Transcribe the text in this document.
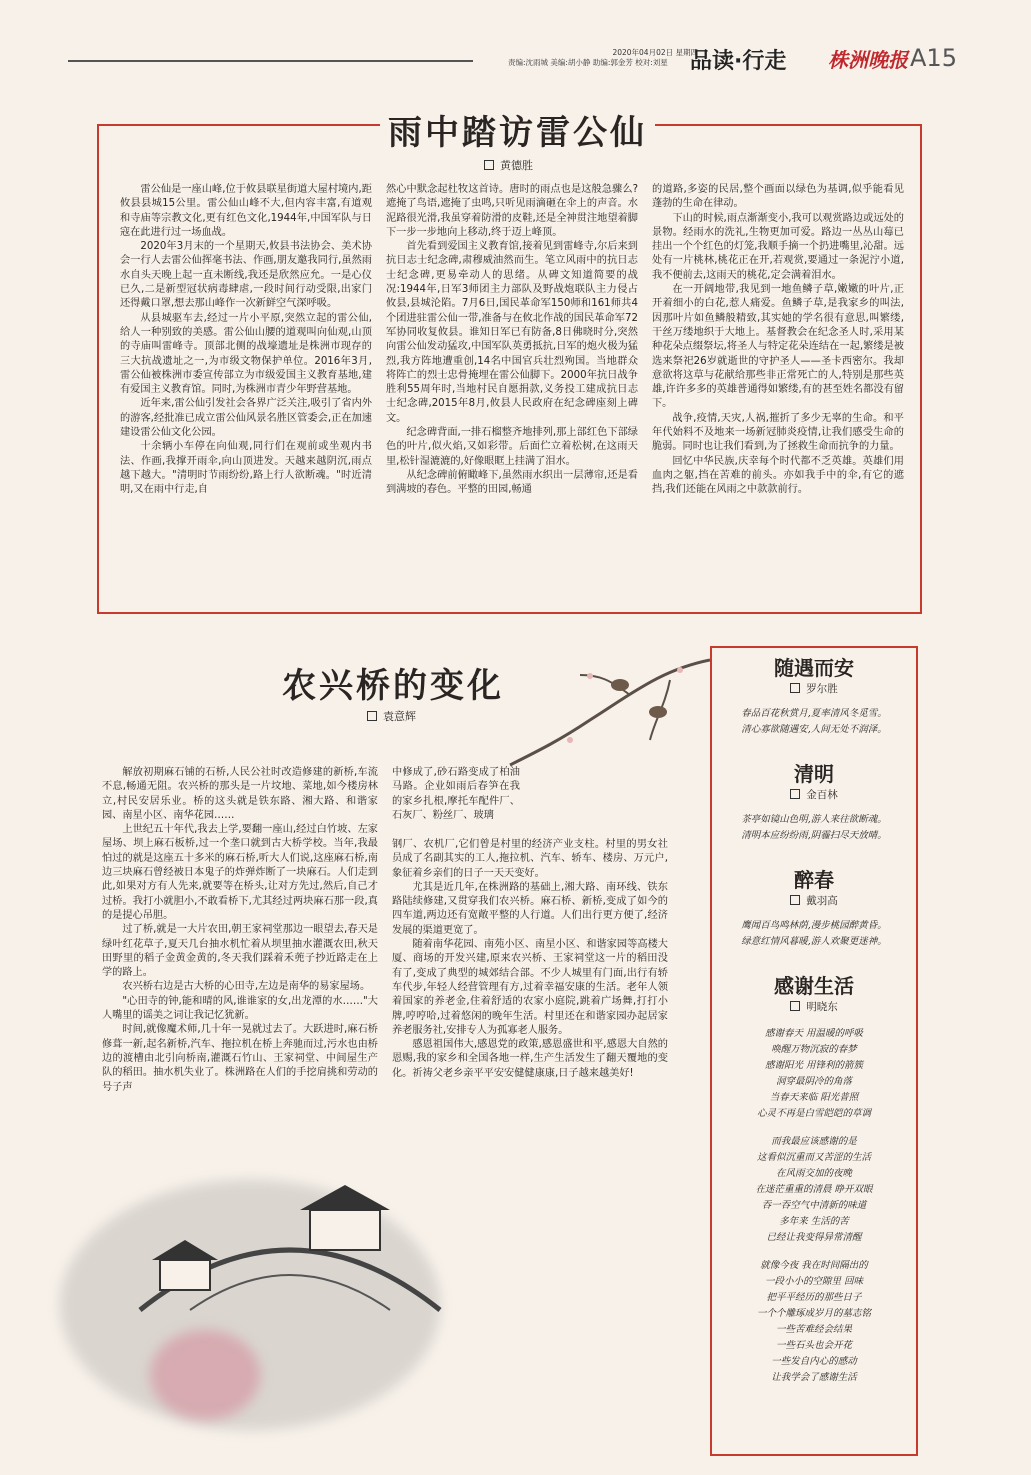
2020年04月02日 星期四
责编:沈雨城 美编:胡小静 助编:郭金芳 校对:刘星	品读·行走 株洲晚报 A15
雨中踏访雷公仙
黄德胜

雷公仙是一座山峰,位于攸县联星街道大屋村境内,距攸县县城15公里。雷公仙山峰不大,但内容丰富,有道观和寺庙等宗教文化,更有红色文化,1944年,中国军队与日寇在此进行过一场血战。

2020年3月末的一个星期天,攸县书法协会、美术协会一行人去雷公仙挥毫书法、作画,朋友邀我同行,虽然雨水自头天晚上起一直未断线,我还是欣然应允。一是心仪已久,二是新型冠状病毒肆虐,一段时间行动受限,出家门还得戴口罩,想去那山峰作一次新鲜空气深呼吸。

从县城驱车去,经过一片小平原,突然立起的雷公仙,给人一种别致的美感。雷公仙山腰的道观叫向仙观,山顶的寺庙叫雷峰寺。顶部北侧的战壕遗址是株洲市现存的三大抗战遗址之一,为市级文物保护单位。2016年3月,雷公仙被株洲市委宣传部立为市级爱国主义教育基地,建有爱国主义教育馆。同时,为株洲市青少年野营基地。

近年来,雷公仙引发社会各界广泛关注,吸引了省内外的游客,经批准已成立雷公仙风景名胜区管委会,正在加速建设雷公仙文化公园。

十余辆小车停在向仙观,同行们在观前或坐观内书法、作画,我撑开雨伞,向山顶进发。天越来越阴沉,雨点越下越大。"清明时节雨纷纷,路上行人欲断魂。"时近清明,又在雨中行走,自

然心中默念起杜牧这首诗。唐时的雨点也是这般急骤么?遮掩了鸟语,遮掩了虫鸣,只听见雨滴砸在伞上的声音。水泥路很光滑,我虽穿着防滑的皮鞋,还是全神贯注地望着脚下一步一步地向上移动,终于迈上峰顶。

首先看到爱国主义教育馆,接着见到雷峰寺,尔后来到抗日志士纪念碑,肃穆威油然而生。笔立风雨中的抗日志士纪念碑,更易牵动人的思绪。从碑文知道简要的战况:1944年,日军3师团主力部队及野战炮联队主力侵占攸县,县城沦陷。7月6日,国民革命军150师和161师共4个团进驻雷公仙一带,准备与在攸北作战的国民革命军72军协同收复攸县。谁知日军已有防备,8日佛晓时分,突然向雷公仙发动猛攻,中国军队英勇抵抗,日军的炮火极为猛烈,我方阵地遭重创,14名中国官兵壮烈殉国。当地群众将阵亡的烈士忠骨掩埋在雷公仙脚下。2000年抗日战争胜利55周年时,当地村民自愿捐款,义务投工建成抗日志士纪念碑,2015年8月,攸县人民政府在纪念碑座刻上碑文。

纪念碑背面,一排石榴整齐地排列,那上部红色下部绿色的叶片,似火焰,又如彩带。后面伫立着松树,在这雨天里,松针湿漉漉的,好像眼眶上挂满了泪水。

从纪念碑前俯瞰峰下,虽然雨水织出一层薄帘,还是看到满坡的春色。平整的田园,畅通

的道路,多姿的民居,整个画面以绿色为基调,似乎能看见蓬勃的生命在律动。

下山的时候,雨点渐渐变小,我可以观赏路边或远处的景物。经雨水的洗礼,生物更加可爱。路边一丛丛山莓已挂出一个个红色的灯笼,我顺手摘一个扔进嘴里,沁甜。远处有一片桃林,桃花正在开,若观赏,要通过一条泥泞小道,我不便前去,这雨天的桃花,定会满着泪水。

在一开阔地带,我见到一地鱼鳞子草,嫩嫩的叶片,正开着细小的白花,惹人痛爱。鱼鳞子草,是我家乡的叫法,因那叶片如鱼鳞般精致,其实她的学名很有意思,叫繁缕,干丝万缕地织于大地上。基督教会在纪念圣人时,采用某种花朵点缀祭坛,将圣人与特定花朵连结在一起,繁缕是被选来祭祀26岁就逝世的守护圣人——圣卡西密尔。我却意欲将这草与花献给那些非正常死亡的人,特别是那些英雄,许许多多的英雄普通得如繁缕,有的甚至姓名都没有留下。

战争,疫情,天灾,人祸,摧折了多少无辜的生命。和平年代始料不及地来一场新冠肺炎疫情,让我们感受生命的脆弱。同时也让我们看到,为了拯救生命而抗争的力量。

回忆中华民族,庆幸每个时代都不乏英雄。英雄们用血肉之躯,挡在苦难的前头。亦如我手中的伞,有它的遮挡,我们还能在风雨之中款款前行。

农兴桥的变化
袁意辉

解放初期麻石铺的石桥,人民公社时改造修建的新桥,车流不息,畅通无阻。农兴桥的那头是一片坟地、菜地,如今楼房林立,村民安居乐业。桥的这头就是铁东路、湘大路、和谐家园、南星小区、南华花园……

上世纪五十年代,我去上学,要翻一座山,经过白竹坡、左家屋场、坝上麻石板桥,过一个垄口就到古大桥学校。当年,我最怕过的就是这座五十多米的麻石桥,听大人们说,这座麻石桥,南边三块麻石曾经被日本鬼子的炸弹炸断了一块麻石。人们走到此,如果对方有人先来,就要等在桥头,让对方先过,然后,自己才过桥。我打小就胆小,不敢看桥下,尤其经过两块麻石那一段,真的是提心吊胆。

过了桥,就是一大片农田,朝王家祠堂那边一眼望去,春天是绿叶红花草子,夏天几台抽水机忙着从坝里抽水灌溉农田,秋天田野里的稻子金黄金黄的,冬天我们踩着禾蔸子抄近路走在上学的路上。

农兴桥右边是古大桥的心田寺,左边是南华的易家屋场。

"心田寺的钟,能和晴的风,谁谁家的女,出龙潭的水……"大人嘴里的谣美之词让我记忆犹新。

时间,就像魔术师,几十年一晃就过去了。大跃进时,麻石桥修葺一新,起名新桥,汽车、拖拉机在桥上奔驰而过,污水也由桥边的渡槽由北引向桥南,灌溉石竹山、王家祠堂、中间屋生产队的稻田。抽水机失业了。株洲路在人们的手挖肩挑和劳动的号子声

中修成了,砂石路变成了柏油马路。企业如雨后春笋在我的家乡扎根,摩托车配件厂、石灰厂、粉丝厂、玻璃

钢厂、农机厂,它们曾是村里的经济产业支柱。村里的男女社员成了名副其实的工人,拖拉机、汽车、轿车、楼房、万元户,象征着乡亲们的日子一天天变好。

尤其是近几年,在株洲路的基础上,湘大路、南环线、铁东路陆续修建,又贯穿我们农兴桥。麻石桥、新桥,变成了如今的四车道,两边还有宽敞平整的人行道。人们出行更方便了,经济发展的渠道更宽了。

随着南华花园、南苑小区、南星小区、和谐家园等高楼大厦、商场的开发兴建,原来农兴桥、王家祠堂这一片的稻田没有了,变成了典型的城郊结合部。不少人城里有门面,出行有轿车代步,年轻人经营管理有方,过着幸福安康的生活。老年人领着国家的养老金,住着舒适的农家小庭院,跳着广场舞,打打小牌,哼哼哈,过着悠闲的晚年生活。村里还在和谐家园办起居家养老服务社,安排专人为孤寡老人服务。

感恩祖国伟大,感恩党的政策,感恩盛世和平,感恩大自然的恩赐,我的家乡和全国各地一样,生产生活发生了翻天覆地的变化。祈祷父老乡亲平平安安健健康康,日子越来越美好!

随遇而安
罗尔胜
春品百花秋赏月,夏率清风冬觅雪。
清心寡欲随遇安,人间无处不润泽。
清明
金百林
茶亭如镜山色明,游人来往欲断魂。
清明本应纷纷雨,阴霾扫尽天放晴。
醉春
戴羽高
鹰闻百鸟鸣林荫,漫步桃园醉黄昏。
绿意红情风暮暖,游人欢聚更迷神。
感谢生活
明晓东
感谢春天 用温暖的呼吸
唤醒万物沉寂的春梦
感谢阳光 用锋利的箭簇
洞穿最阴冷的角落
当春天来临 阳光普照
心灵不再是白雪皑皑的草调
而我最应该感谢的是
这看似沉重而又苦涩的生活
在风雨交加的夜晚
在迷茫重重的清晨 睁开双眼
吞一吞空气中清新的味道
多年来 生活的苦
已经让我变得异常清醒
就像今夜 我在时间隔出的
一段小小的空隙里 回味
把平平经历的那些日子
一个个雕琢成岁月的墓志铭
一些苦难经会结果
一些石头也会开花
一些发自内心的感动
让我学会了感谢生活
